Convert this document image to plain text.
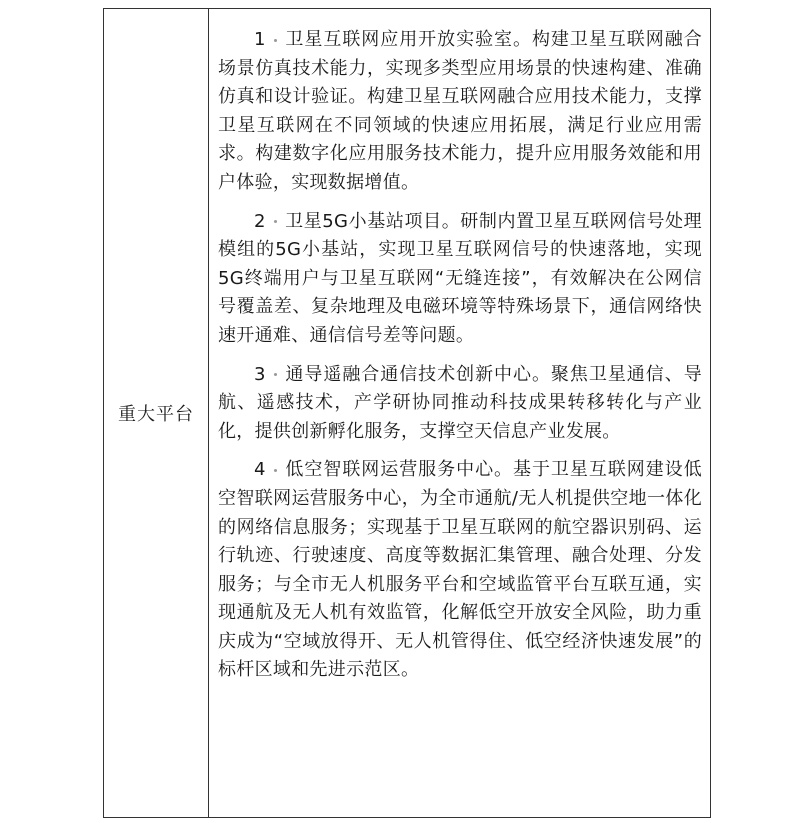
重大平台	

1 卫星互联网应用开放实验室。构建卫星互联网融合场景仿真技术能力，实现多类型应用场景的快速构建、准确仿真和设计验证。构建卫星互联网融合应用技术能力，支撑卫星互联网在不同领域的快速应用拓展，满足行业应用需求。构建数字化应用服务技术能力，提升应用服务效能和用户体验，实现数据增值。

2 卫星5G小基站项目。研制内置卫星互联网信号处理模组的5G小基站，实现卫星互联网信号的快速落地，实现5G终端用户与卫星互联网“无缝连接”，有效解决在公网信号覆盖差、复杂地理及电磁环境等特殊场景下，通信网络快速开通难、通信信号差等问题。

3 通导遥融合通信技术创新中心。聚焦卫星通信、导航、遥感技术，产学研协同推动科技成果转移转化与产业化，提供创新孵化服务，支撑空天信息产业发展。

4 低空智联网运营服务中心。基于卫星互联网建设低空智联网运营服务中心，为全市通航/无人机提供空地一体化的网络信息服务；实现基于卫星互联网的航空器识别码、运行轨迹、行驶速度、高度等数据汇集管理、融合处理、分发服务；与全市无人机服务平台和空域监管平台互联互通，实现通航及无人机有效监管，化解低空开放安全风险，助力重庆成为“空域放得开、无人机管得住、低空经济快速发展”的标杆区域和先进示范区。
